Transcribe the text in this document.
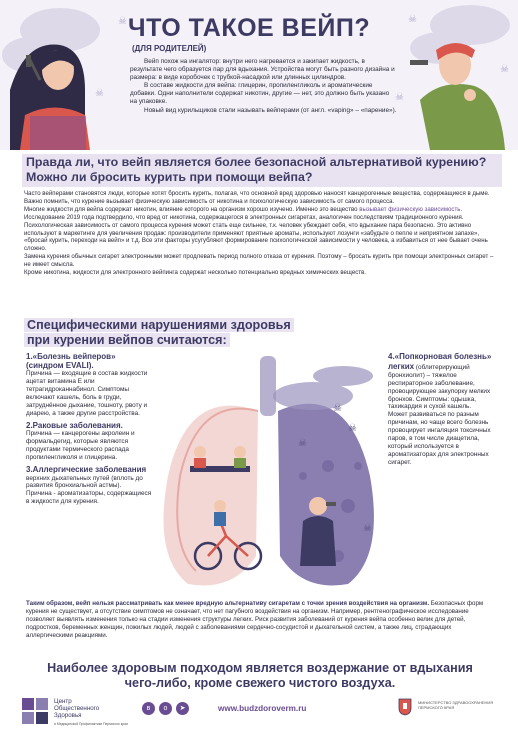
☠
☠
☠
☠
☠
ЧТО ТАКОЕ ВЕЙП?
(ДЛЯ РОДИТЕЛЕЙ)

Вейп похож на ингалятор: внутри него нагревается и закипает жидкость, в результате чего образуется пар для вдыхания. Устройства могут быть разного дизайна и размера: в виде коробочек с трубкой-насадкой или длинных цилиндров.

В составе жидкости для вейпа: глицерин, пропиленгликоль и ароматические добавки. Одни наполнители содержат никотин, другие — нет, это должно быть указано на упаковке.

Новый вид курильщиков стали называть вейперами (от англ. «vaping» – «парение»).

Правда ли, что вейп является более безопасной альтернативой курению? Можно ли бросить курить при помощи вейпа?

Часто вейперами становятся люди, которые хотят бросить курить, полагая, что основной вред здоровью наносят канцерогенные вещества, содержащиеся в дыме.

Важно помнить, что курение вызывает физическую зависимость от никотина и психологическую зависимость от самого процесса.

Многие жидкости для вейпа содержат никотин, влияние которого на организм хорошо изучено. Именно это вещество вызывает физическую зависимость. Исследование 2019 года подтвердило, что вред от никотина, содержащегося в электронных сигаретах, аналогичен последствиям традиционного курения.

Психологическая зависимость от самого процесса курения может стать еще сильнее, т.к. человек убеждает себя, что вдыхание пара безопасно. Это активно используют в маркетинге для увеличения продаж: производители применяют приятные ароматы, используют лозунги «забудьте о пепле и неприятном запахе», «бросай курить, переходи на вейп» и т.д. Все эти факторы усугубляют формирование психологической зависимости у человека, а избавиться от нее бывает очень сложно.

Замена курения обычных сигарет электронными может продлевать период полного отказа от курения. Поэтому – бросать курить при помощи электронных сигарет – не имеет смысла.

Кроме никотина, жидкости для электронного вейпинга содержат несколько потенциально вредных химических веществ.

Специфическими нарушениями здоровья
при курении вейпов считаются:
1.«Болезнь вейперов» (синдром EVALI).
Причина — входящие в состав жидкости ацетат витамина Е или тетрагидроканнабинол. Симптомы включают кашель, боль в груди, затруднённое дыхание, тошноту, рвоту и диарею, а также другие расстройства.
2.Раковые заболевания.
Причина — канцерогены акролеин и формальдегид, которые являются продуктами термического распада пропиленгликоля и глицерина.
3.Аллергические заболевания верхних дыхательных путей (вплоть до развития бронхиальной астмы).
Причина - ароматизаторы, содержащиеся в жидкости для курения.
☠
☠
☠
☠
4.«Попкорновая болезнь» легких (облитерирующий бронхиолит) – тяжелое респираторное заболевание, провоцирующее закупорку мелких бронхов. Симптомы: одышка, тахикардия и сухой кашель.
Может развиваться по разным причинам, но чаще всего болезнь провоцирует ингаляция токсичных паров, в том числе диацетила, который используется в ароматизаторах для электронных сигарет.
Таким образом, вейп нельзя рассматривать как менее вредную альтернативу сигаретам с точки зрения воздействия на организм. Безопасных форм курения не существует, а отсутствие симптомов не означает, что нет пагубного воздействия на организм. Например, рентгенографическое исследование позволяет выявлять изменения только на стадии изменения структуры легких. Риск развития заболеваний от курения вейпа особенно велик для детей, подростков, беременных женщин, пожилых людей, людей с заболеваниями сердечно-сосудистой и дыхательной систем, а также лиц, страдающих аллергическими реакциями.
Наиболее здоровым подходом является воздержание от вдыхания чего-либо, кроме свежего чистого воздуха.
Центр
Общественного
Здоровья
и Медицинской Профилактики Пермского края
в	о	➤	www.budzdoroverm.ru
МИНИСТЕРСТВО ЗДРАВООХРАНЕНИЯ ПЕРМСКОГО КРАЯ
